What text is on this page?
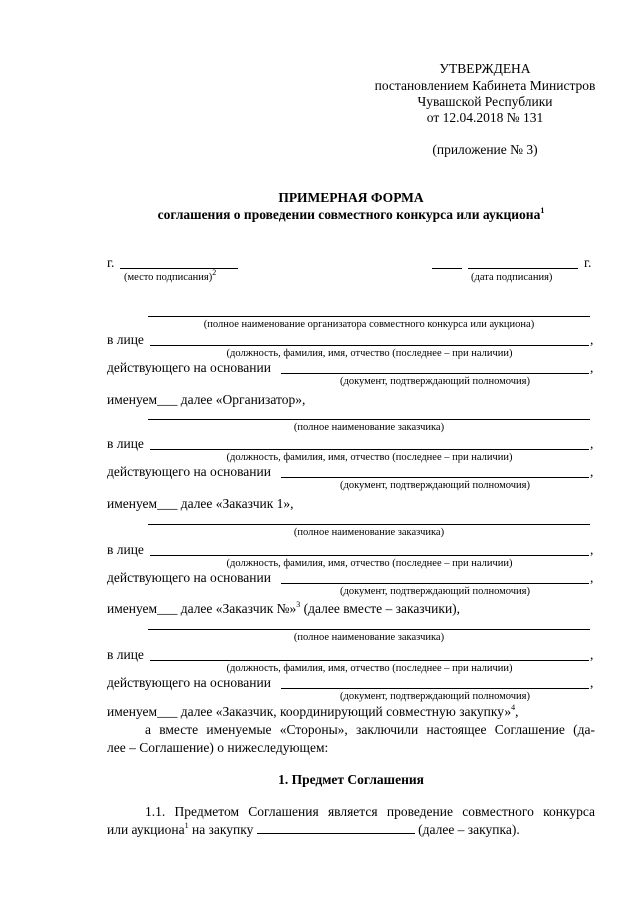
УТВЕРЖДЕНА
постановлением Кабинета Министров
Чувашской Республики
от 12.04.2018 № 131
(приложение № 3)
ПРИМЕРНАЯ ФОРМА
соглашения о проведении совместного конкурса или аукциона$^1$
г.	г.
(место подписания)$^2$	(дата подписания)
(полное наименование организатора совместного конкурса или аукциона)
в лице	,
(должность, фамилия, имя, отчество (последнее – при наличии)
действующего на основании	,
(документ, подтверждающий полномочия)
именуем___ далее «Организатор»,
(полное наименование заказчика)
в лице	,
(должность, фамилия, имя, отчество (последнее – при наличии)
действующего на основании	,
(документ, подтверждающий полномочия)
именуем___ далее «Заказчик 1»,
(полное наименование заказчика)
в лице	,
(должность, фамилия, имя, отчество (последнее – при наличии)
действующего на основании	,
(документ, подтверждающий полномочия)
именуем___ далее «Заказчик №»$^3$ (далее вместе – заказчики),
(полное наименование заказчика)
в лице	,
(должность, фамилия, имя, отчество (последнее – при наличии)
действующего на основании	,
(документ, подтверждающий полномочия)
именуем___ далее «Заказчик, координирующий совместную закупку»$^4$,
а вместе именуемые «Стороны», заключили настоящее Соглашение (да-
лее – Соглашение) о нижеследующем:
1. Предмет Соглашения
1.1. Предметом Соглашения является проведение совместного конкурса
или аукциона$^1$ на закупку	(далее – закупка).
